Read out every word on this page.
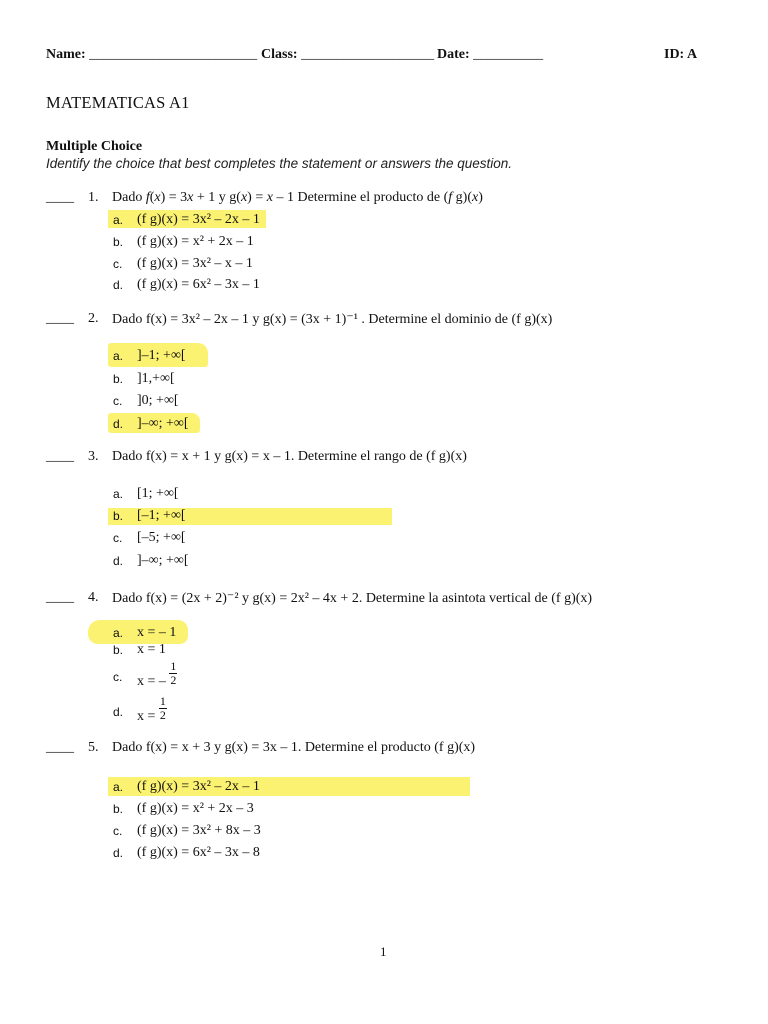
Name: ________________________ Class: ___________________ Date: __________	ID: A
MATEMATICAS A1
Multiple Choice
Identify the choice that best completes the statement or answers the question.
____ 1. Dado f(x) = 3x + 1 y g(x) = x – 1 Determine el producto de (f g)(x)
a. (f g)(x) = 3x² – 2x – 1
b. (f g)(x) = x² + 2x – 1
c. (f g)(x) = 3x² – x – 1
d. (f g)(x) = 6x² – 3x – 1
____ 2. Dado f(x) = 3x² – 2x – 1 y g(x) = (3x + 1)⁻¹ . Determine el dominio de (f g)(x)
a. ]–1; +∞[
b. ]1,+∞[
c. ]0; +∞[
d. ]–∞; +∞[
____ 3. Dado f(x) = x + 1 y g(x) = x – 1. Determine el rango de (f g)(x)
a. [1; +∞[
b. [–1; +∞[
c. [–5; +∞[
d. ]–∞; +∞[
____ 4. Dado f(x) = (2x + 2)⁻² y g(x) = 2x² – 4x + 2. Determine la asintota vertical de (f g)(x)
a. x = – 1
b. x = 1
c. x = – $\frac{1}{2}$
d. $x = \frac{1}{2}$
____ 5. Dado f(x) = x + 3 y g(x) = 3x – 1. Determine el producto (f g)(x)
a. (f g)(x) = 3x² – 2x – 1
b. (f g)(x) = x² + 2x – 3
c. (f g)(x) = 3x² + 8x – 3
d. (f g)(x) = 6x² – 3x – 8
1
